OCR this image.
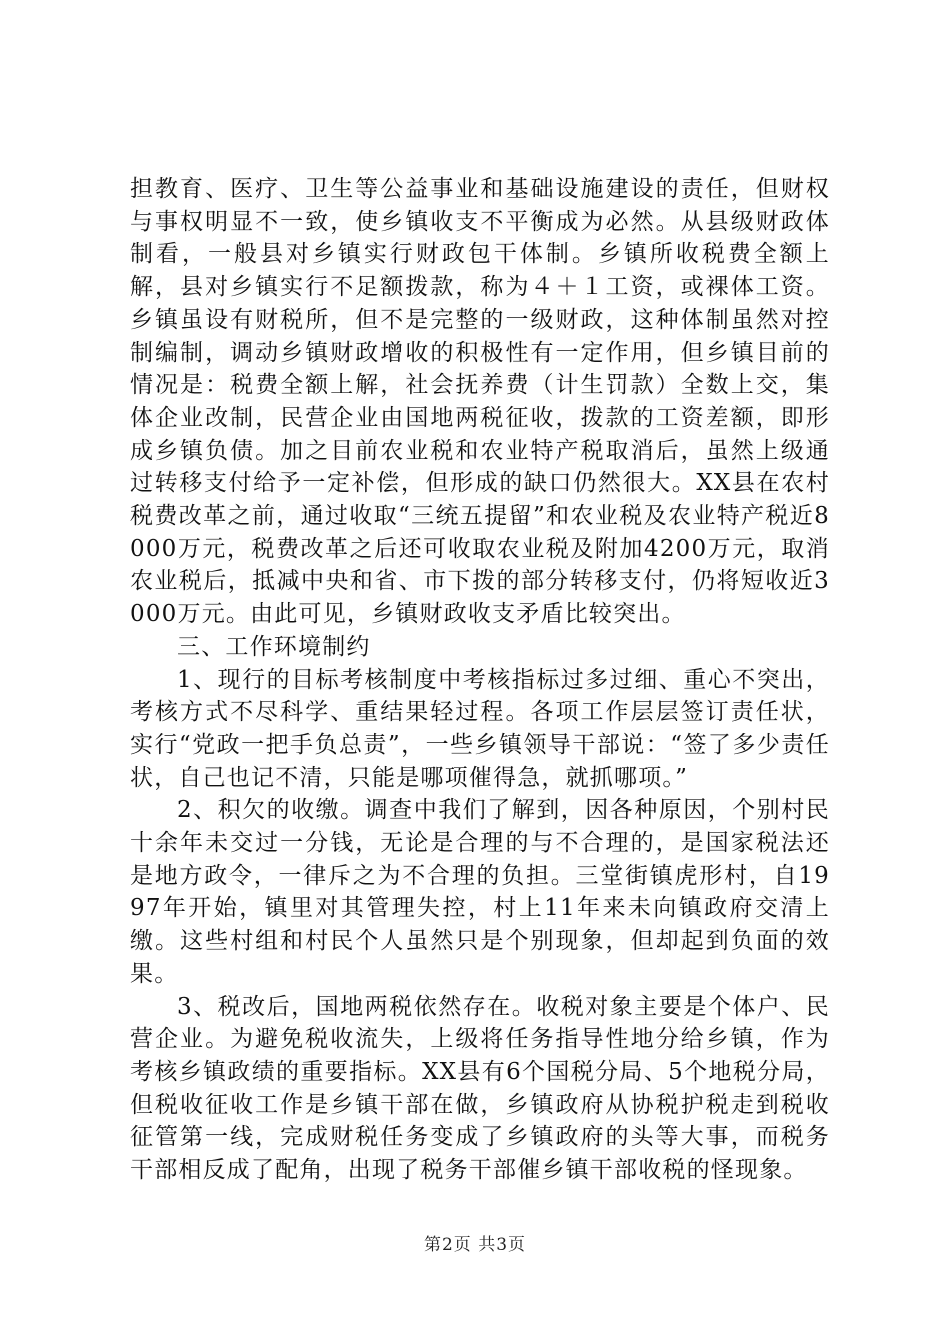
担教育、医疗、卫生等公益事业和基础设施建设的责任，但财权与事权明显不一致，使乡镇收支不平衡成为必然。从县级财政体制看，一般县对乡镇实行财政包干体制。乡镇所收税费全额上解，县对乡镇实行不足额拨款，称为４＋１工资，或裸体工资。乡镇虽设有财税所，但不是完整的一级财政，这种体制虽然对控制编制，调动乡镇财政增收的积极性有一定作用，但乡镇目前的情况是：税费全额上解，社会抚养费（计生罚款）全数上交，集体企业改制，民营企业由国地两税征收，拨款的工资差额，即形成乡镇负债。加之目前农业税和农业特产税取消后，虽然上级通过转移支付给予一定补偿，但形成的缺口仍然很大。XX县在农村税费改革之前，通过收取“三统五提留”和农业税及农业特产税近8000万元，税费改革之后还可收取农业税及附加4200万元，取消农业税后，抵减中央和省、市下拨的部分转移支付，仍将短收近3000万元。由此可见，乡镇财政收支矛盾比较突出。

三、工作环境制约

1、现行的目标考核制度中考核指标过多过细、重心不突出，考核方式不尽科学、重结果轻过程。各项工作层层签订责任状，实行“党政一把手负总责”，一些乡镇领导干部说：“签了多少责任状，自己也记不清，只能是哪项催得急，就抓哪项。”

2、积欠的收缴。调查中我们了解到，因各种原因，个别村民十余年未交过一分钱，无论是合理的与不合理的，是国家税法还是地方政令，一律斥之为不合理的负担。三堂街镇虎形村，自1997年开始，镇里对其管理失控，村上11年来未向镇政府交清上缴。这些村组和村民个人虽然只是个别现象，但却起到负面的效果。

3、税改后，国地两税依然存在。收税对象主要是个体户、民营企业。为避免税收流失，上级将任务指导性地分给乡镇，作为考核乡镇政绩的重要指标。XX县有6个国税分局、5个地税分局，但税收征收工作是乡镇干部在做，乡镇政府从协税护税走到税收征管第一线，完成财税任务变成了乡镇政府的头等大事，而税务干部相反成了配角，出现了税务干部催乡镇干部收税的怪现象。

第2页 共3页
